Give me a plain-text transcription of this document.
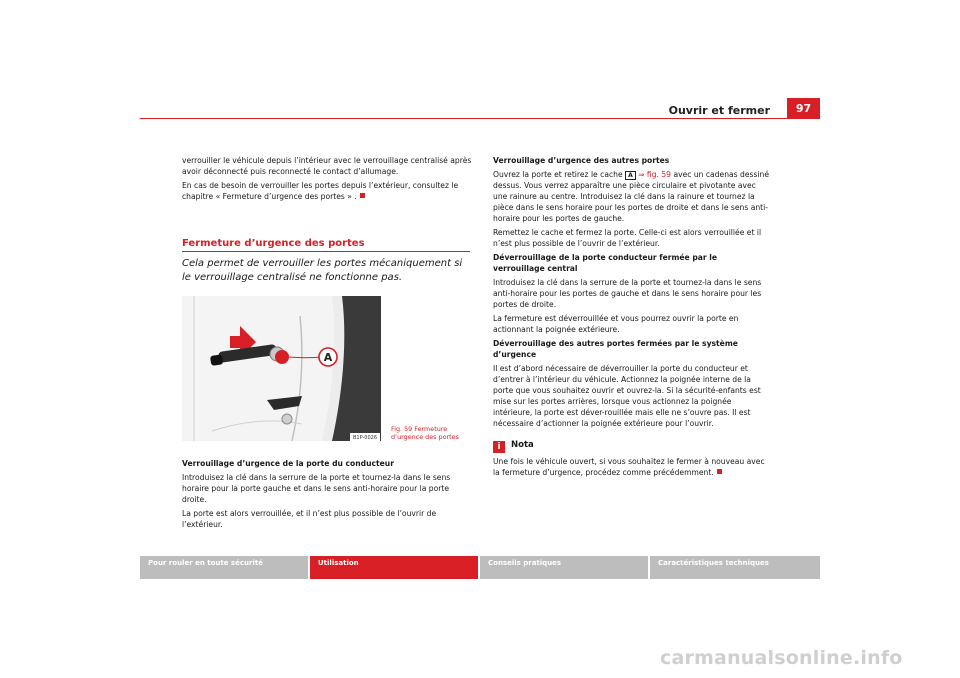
Ouvrir et fermer	97

verrouiller le véhicule depuis l’intérieur avec le verrouillage centralisé après avoir déconnecté puis reconnecté le contact d’allumage.

En cas de besoin de verrouiller les portes depuis l’extérieur, consultez le chapitre « Fermeture d’urgence des portes » .

Fermeture d’urgence des portes
Cela permet de verrouiller les portes mécaniquement si le verrouillage centralisé ne fonctionne pas.
A
B1P-0026
Fig. 59 Fermeture d’urgence des portes

Verrouillage d’urgence de la porte du conducteur

Introduisez la clé dans la serrure de la porte et tournez-la dans le sens horaire pour la porte gauche et dans le sens anti-horaire pour la porte droite.

La porte est alors verrouillée, et il n’est plus possible de l’ouvrir de l’extérieur.

Verrouillage d’urgence des autres portes

Ouvrez la porte et retirez le cache A ⇒ fig. 59 avec un cadenas dessiné dessus. Vous verrez apparaître une pièce circulaire et pivotante avec une rainure au centre. Introduisez la clé dans la rainure et tournez la pièce dans le sens horaire pour les portes de droite et dans le sens anti-horaire pour les portes de gauche.

Remettez le cache et fermez la porte. Celle-ci est alors verrouillée et il n’est plus possible de l’ouvrir de l’extérieur.

Déverrouillage de la porte conducteur fermée par le verrouillage central

Introduisez la clé dans la serrure de la porte et tournez-la dans le sens anti-horaire pour les portes de gauche et dans le sens horaire pour les portes de droite.

La fermeture est déverrouillée et vous pourrez ouvrir la porte en actionnant la poignée extérieure.

Déverrouillage des autres portes fermées par le système d’urgence

Il est d’abord nécessaire de déverrouiller la porte du conducteur et d’entrer à l’intérieur du véhicule. Actionnez la poignée interne de la porte que vous souhaitez ouvrir et ouvrez-la. Si la sécurité-enfants est mise sur les portes arrières, lorsque vous actionnez la poignée intérieure, la porte est déver-rouillée mais elle ne s’ouvre pas. Il est nécessaire d’actionner la poignée extérieure pour l’ouvrir.

i Nota

Une fois le véhicule ouvert, si vous souhaitez le fermer à nouveau avec la fermeture d’urgence, procédez comme précédemment.

Pour rouler en toute sécurité	Utilisation	Conseils pratiques	Caractéristiques techniques
carmanualsonline.info
